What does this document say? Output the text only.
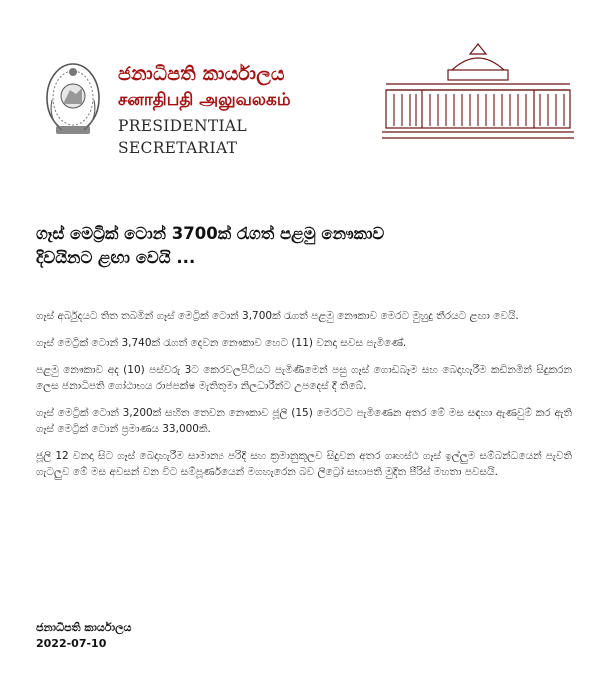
ජනාධිපති කාර්යාලය
சனாதிபதி அலுவலகம்
PRESIDENTIAL SECRETARIAT
ගෑස් මෙට්‍රික් ටොන් 3700ක් රැගත් පළමු නෞකාව
දිවයිනට ළඟා වෙයි ...

ගෑස් අර්බුදයට තිත තබමින් ගෑස් මෙට්‍රික් ටොන් 3,700ක් රැගත් පළමු නෞකාව මෙරට මුහුදු තීරයට ළඟා වෙයි.

ගෑස් මෙට්‍රික් ටොන් 3,740ක් රැගත් දෙවන නෞකාව හෙට (11) වනදා සවස පැමිණේ.

පළමු නෞකාව අද (10) පස්වරු 3ට කෙරවලපිටියට පැමිණීමෙන් පසු ගෑස් ගොඩබෑම සහ බෙදාහැරීම කඩිනමින් සිදුකරන ලෙස ජනාධිපති ගෝඨාභය රාජපක්ෂ මැතිතුමා නිලධාරීන්ට උපදෙස් දී තිබේ.

ගෑස් මෙට්‍රික් ටොන් 3,200ක් සහිත තෙවන නෞකාව ජූලි (15) මෙරටට පැමිණෙන අතර මේ මස සඳහා ඇණවුම් කර ඇති ගෑස් මෙට්‍රික් ටොන් ප්‍රමාණය 33,000කි.

ජූලි 12 වනදා සිට ගෑස් බෙදාහැරීම සාමාන්‍ය පරිදි සහ ක්‍රමානුකූලව සිදුවන අතර ගෘහස්ථ ගෑස් ඉල්ලුම සම්බන්ධයෙන් පැවති ගැටලුව මේ මස අවසන් වන විට සම්පූර්ණයෙන් මගහැරෙන බව ලිට්‍රෝ සභාපති මුදිත පීරිස් මහතා පවසයි.

ජනාධිපති කාර්යාලය
2022-07-10
